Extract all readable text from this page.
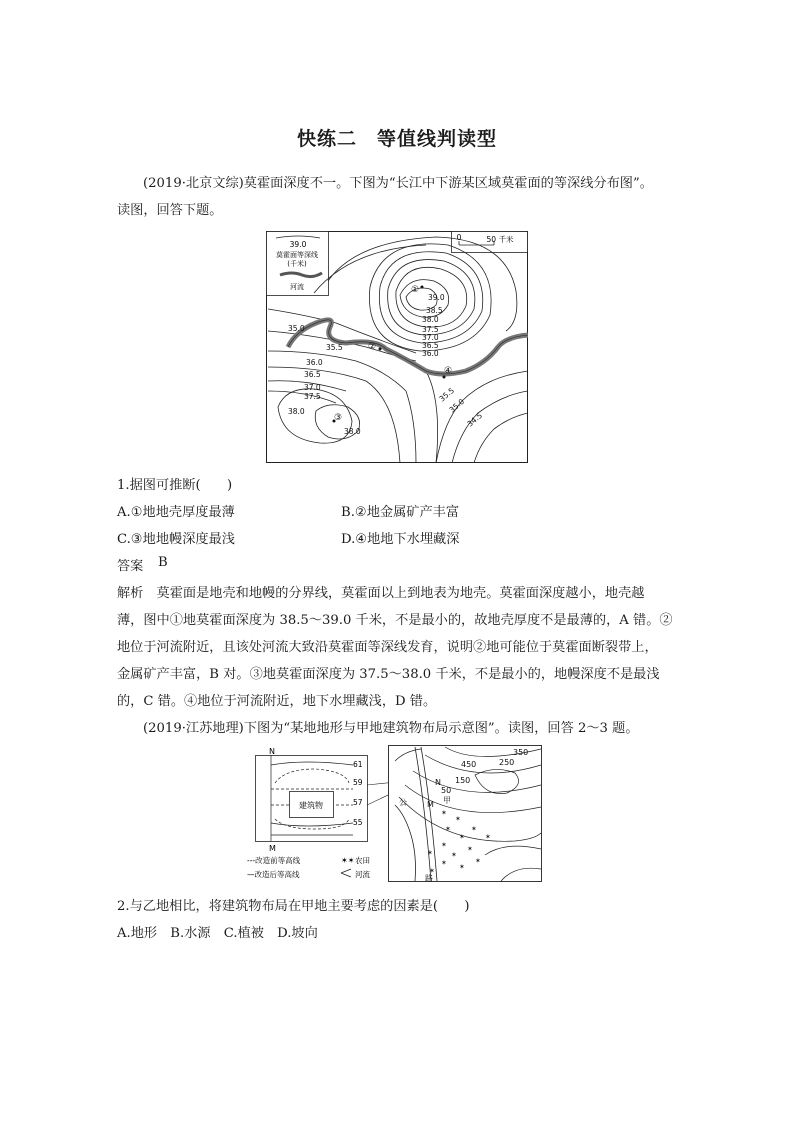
快练二　等值线判读型
(2019·北京文综)莫霍面深度不一。下图为“长江中下游某区域莫霍面的等深线分布图”。
读图，回答下题。
39.0
莫霍面等深线
(千米)
河流
0	50 千米
39.0
38.5
38.0
37.5
37.0
36.5
36.0
35.0
35.5
36.0
36.5
37.0
37.5
38.0
38.0
35.5
35.0
34.5
①
②
③
④
1.据图可推断(　　)
A.①地地壳厚度最薄	B.②地金属矿产丰富
C.③地地幔深度最浅	D.④地地下水埋藏深
答案 B
解析　莫霍面是地壳和地幔的分界线，莫霍面以上到地表为地壳。莫霍面深度越小，地壳越
薄，图中①地莫霍面深度为 38.5～39.0 千米，不是最小的，故地壳厚度不是最薄的，A 错。②
地位于河流附近，且该处河流大致沿莫霍面等深线发育，说明②地可能位于莫霍面断裂带上，
金属矿产丰富，B 对。③地莫霍面深度为 37.5～38.0 千米，不是最小的，地幔深度不是最浅
的，C 错。④地位于河流附近，地下水埋藏浅，D 错。
(2019·江苏地理)下图为“某地地形与甲地建筑物布局示意图”。读图，回答 2～3 题。
N
M
建筑物
61
59
57
55
---改造前等高线
—改造后等高线
✶✶ 农田
河流
✶
✶
✶
✶
✶
✶
✶
✶ ✶
✶
✶
✶
✶
✶
350
450	250
150
50
N
甲
M
公
路
2.与乙地相比，将建筑物布局在甲地主要考虑的因素是(　　)
A.地形　B.水源　C.植被　D.坡向
